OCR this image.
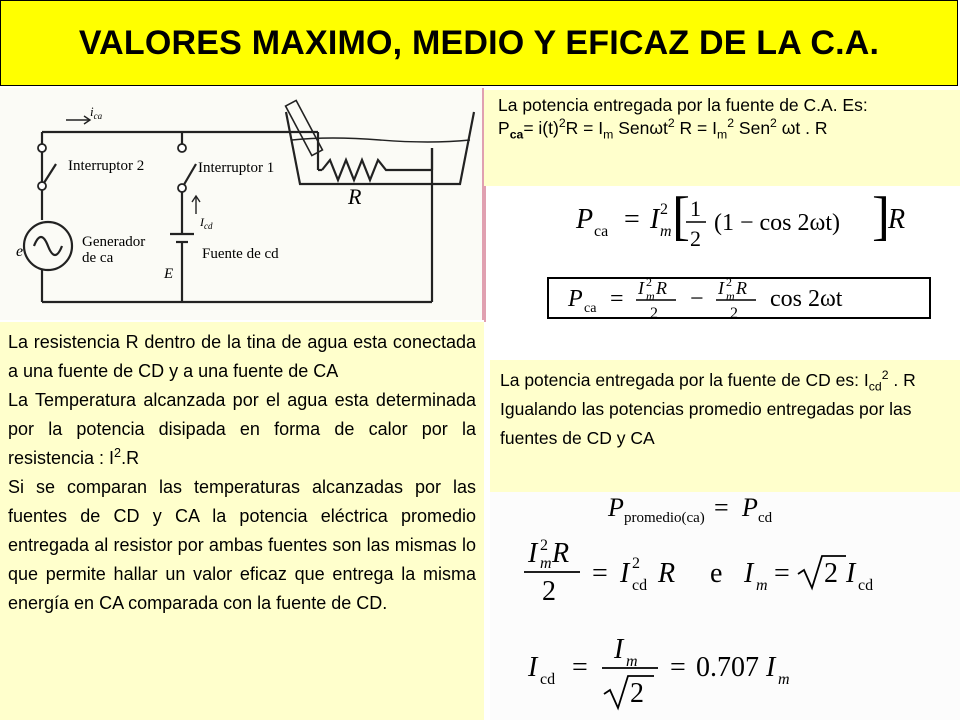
VALORES MAXIMO, MEDIO Y EFICAZ DE LA C.A.
$i_{ca}$
Interruptor 2	Interruptor 1
Generador
de ca	Fuente de cd
e
E
$I_{cd}$
R

La potencia entregada por la fuente de C.A. Es:

$P_{ca}= i(t)^2R = I_m$ Senωt$^2$ $R = I_m^2$ Sen$^2$ ωt . R

P ca = I 2
m [ 1
2
(1 − cos 2ωt) ]
R
P ca = I 2
m R
2
− I 2
m R
2
cos 2ωt

La resistencia R dentro de la tina de agua esta conectada a una fuente de CD y a una fuente de CA

La Temperatura alcanzada por el agua esta determinada por la potencia disipada en forma de calor por la resistencia : $I^2.R$

Si se comparan las temperaturas alcanzadas por las fuentes de CD y CA la potencia eléctrica promedio entregada al resistor por ambas fuentes son las mismas lo que permite hallar un valor eficaz que entrega la misma energía en CA comparada con la fuente de CD.

La potencia entregada por la fuente de CD es: $I_{cd}^2$ . R

Igualando las potencias promedio entregadas por las fuentes de CD y CA

P promedio(ca) = P cd
I 2
m R
2
= I 2
cd R e I m = 2 I cd
I cd =
I m
2
= 0.707 I m
